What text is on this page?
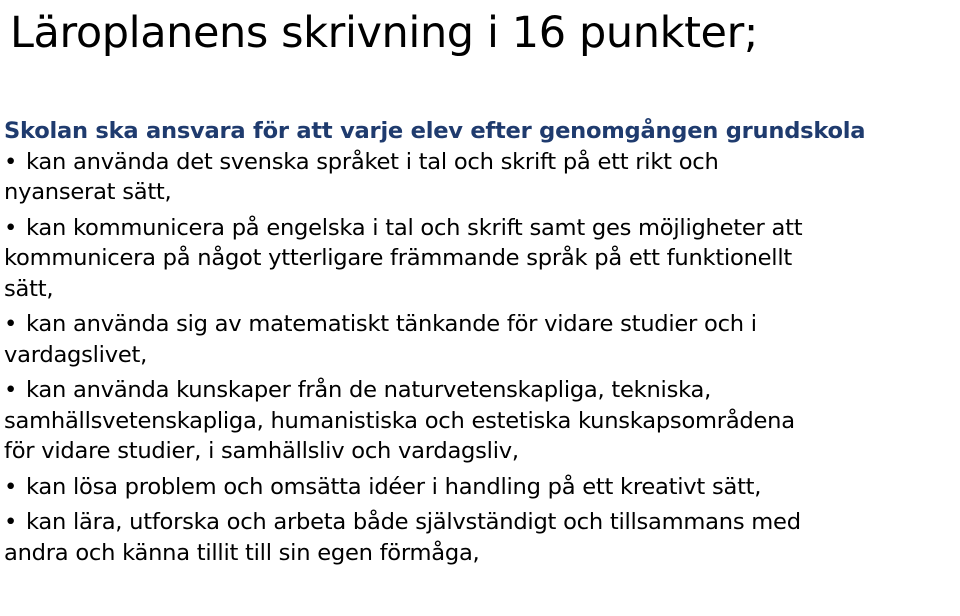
Läroplanens skrivning i 16 punkter;
Skolan ska ansvara för att varje elev efter genomgången grundskola
• kan använda det svenska språket i tal och skrift på ett rikt och
nyanserat sätt,
• kan kommunicera på engelska i tal och skrift samt ges möjligheter att
kommunicera på något ytterligare främmande språk på ett funktionellt
sätt,
• kan använda sig av matematiskt tänkande för vidare studier och i
vardagslivet,
• kan använda kunskaper från de naturvetenskapliga, tekniska,
samhällsvetenskapliga, humanistiska och estetiska kunskapsområdena
för vidare studier, i samhällsliv och vardagsliv,
• kan lösa problem och omsätta idéer i handling på ett kreativt sätt,
• kan lära, utforska och arbeta både självständigt och tillsammans med
andra och känna tillit till sin egen förmåga,
